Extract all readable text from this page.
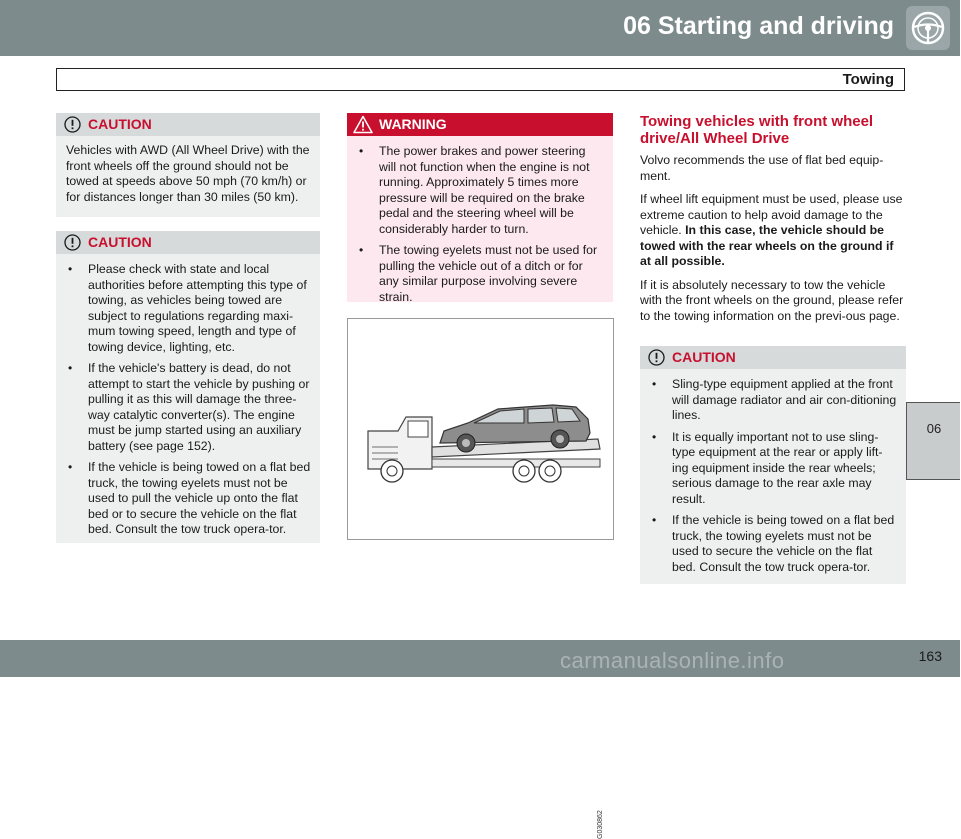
06 Starting and driving
Towing
06
CAUTION
Vehicles with AWD (All Wheel Drive) with the front wheels off the ground should not be towed at speeds above 50 mph (70 km/h) or for distances longer than 30 miles (50 km).
CAUTION
• Please check with state and local authorities before attempting this type of towing, as vehicles being towed are subject to regulations regarding maxi-mum towing speed, length and type of towing device, lighting, etc.
• If the vehicle's battery is dead, do not attempt to start the vehicle by pushing or pulling it as this will damage the three-way catalytic converter(s). The engine must be jump started using an auxiliary battery (see page 152).
• If the vehicle is being towed on a flat bed truck, the towing eyelets must not be used to pull the vehicle up onto the flat bed or to secure the vehicle on the flat bed. Consult the tow truck opera-tor.
WARNING
• The power brakes and power steering will not function when the engine is not running. Approximately 5 times more pressure will be required on the brake pedal and the steering wheel will be considerably harder to turn.
• The towing eyelets must not be used for pulling the vehicle out of a ditch or for any similar purpose involving severe strain.
G030862
Towing vehicles with front wheel drive/All Wheel Drive

Volvo recommends the use of flat bed equip-ment.

If wheel lift equipment must be used, please use extreme caution to help avoid damage to the vehicle. In this case, the vehicle should be towed with the rear wheels on the ground if at all possible.

If it is absolutely necessary to tow the vehicle with the front wheels on the ground, please refer to the towing information on the previ-ous page.

CAUTION
• Sling-type equipment applied at the front will damage radiator and air con-ditioning lines.
• It is equally important not to use sling-type equipment at the rear or apply lift-ing equipment inside the rear wheels; serious damage to the rear axle may result.
• If the vehicle is being towed on a flat bed truck, the towing eyelets must not be used to secure the vehicle on the flat bed. Consult the tow truck opera-tor.
carmanualsonline.info	163
